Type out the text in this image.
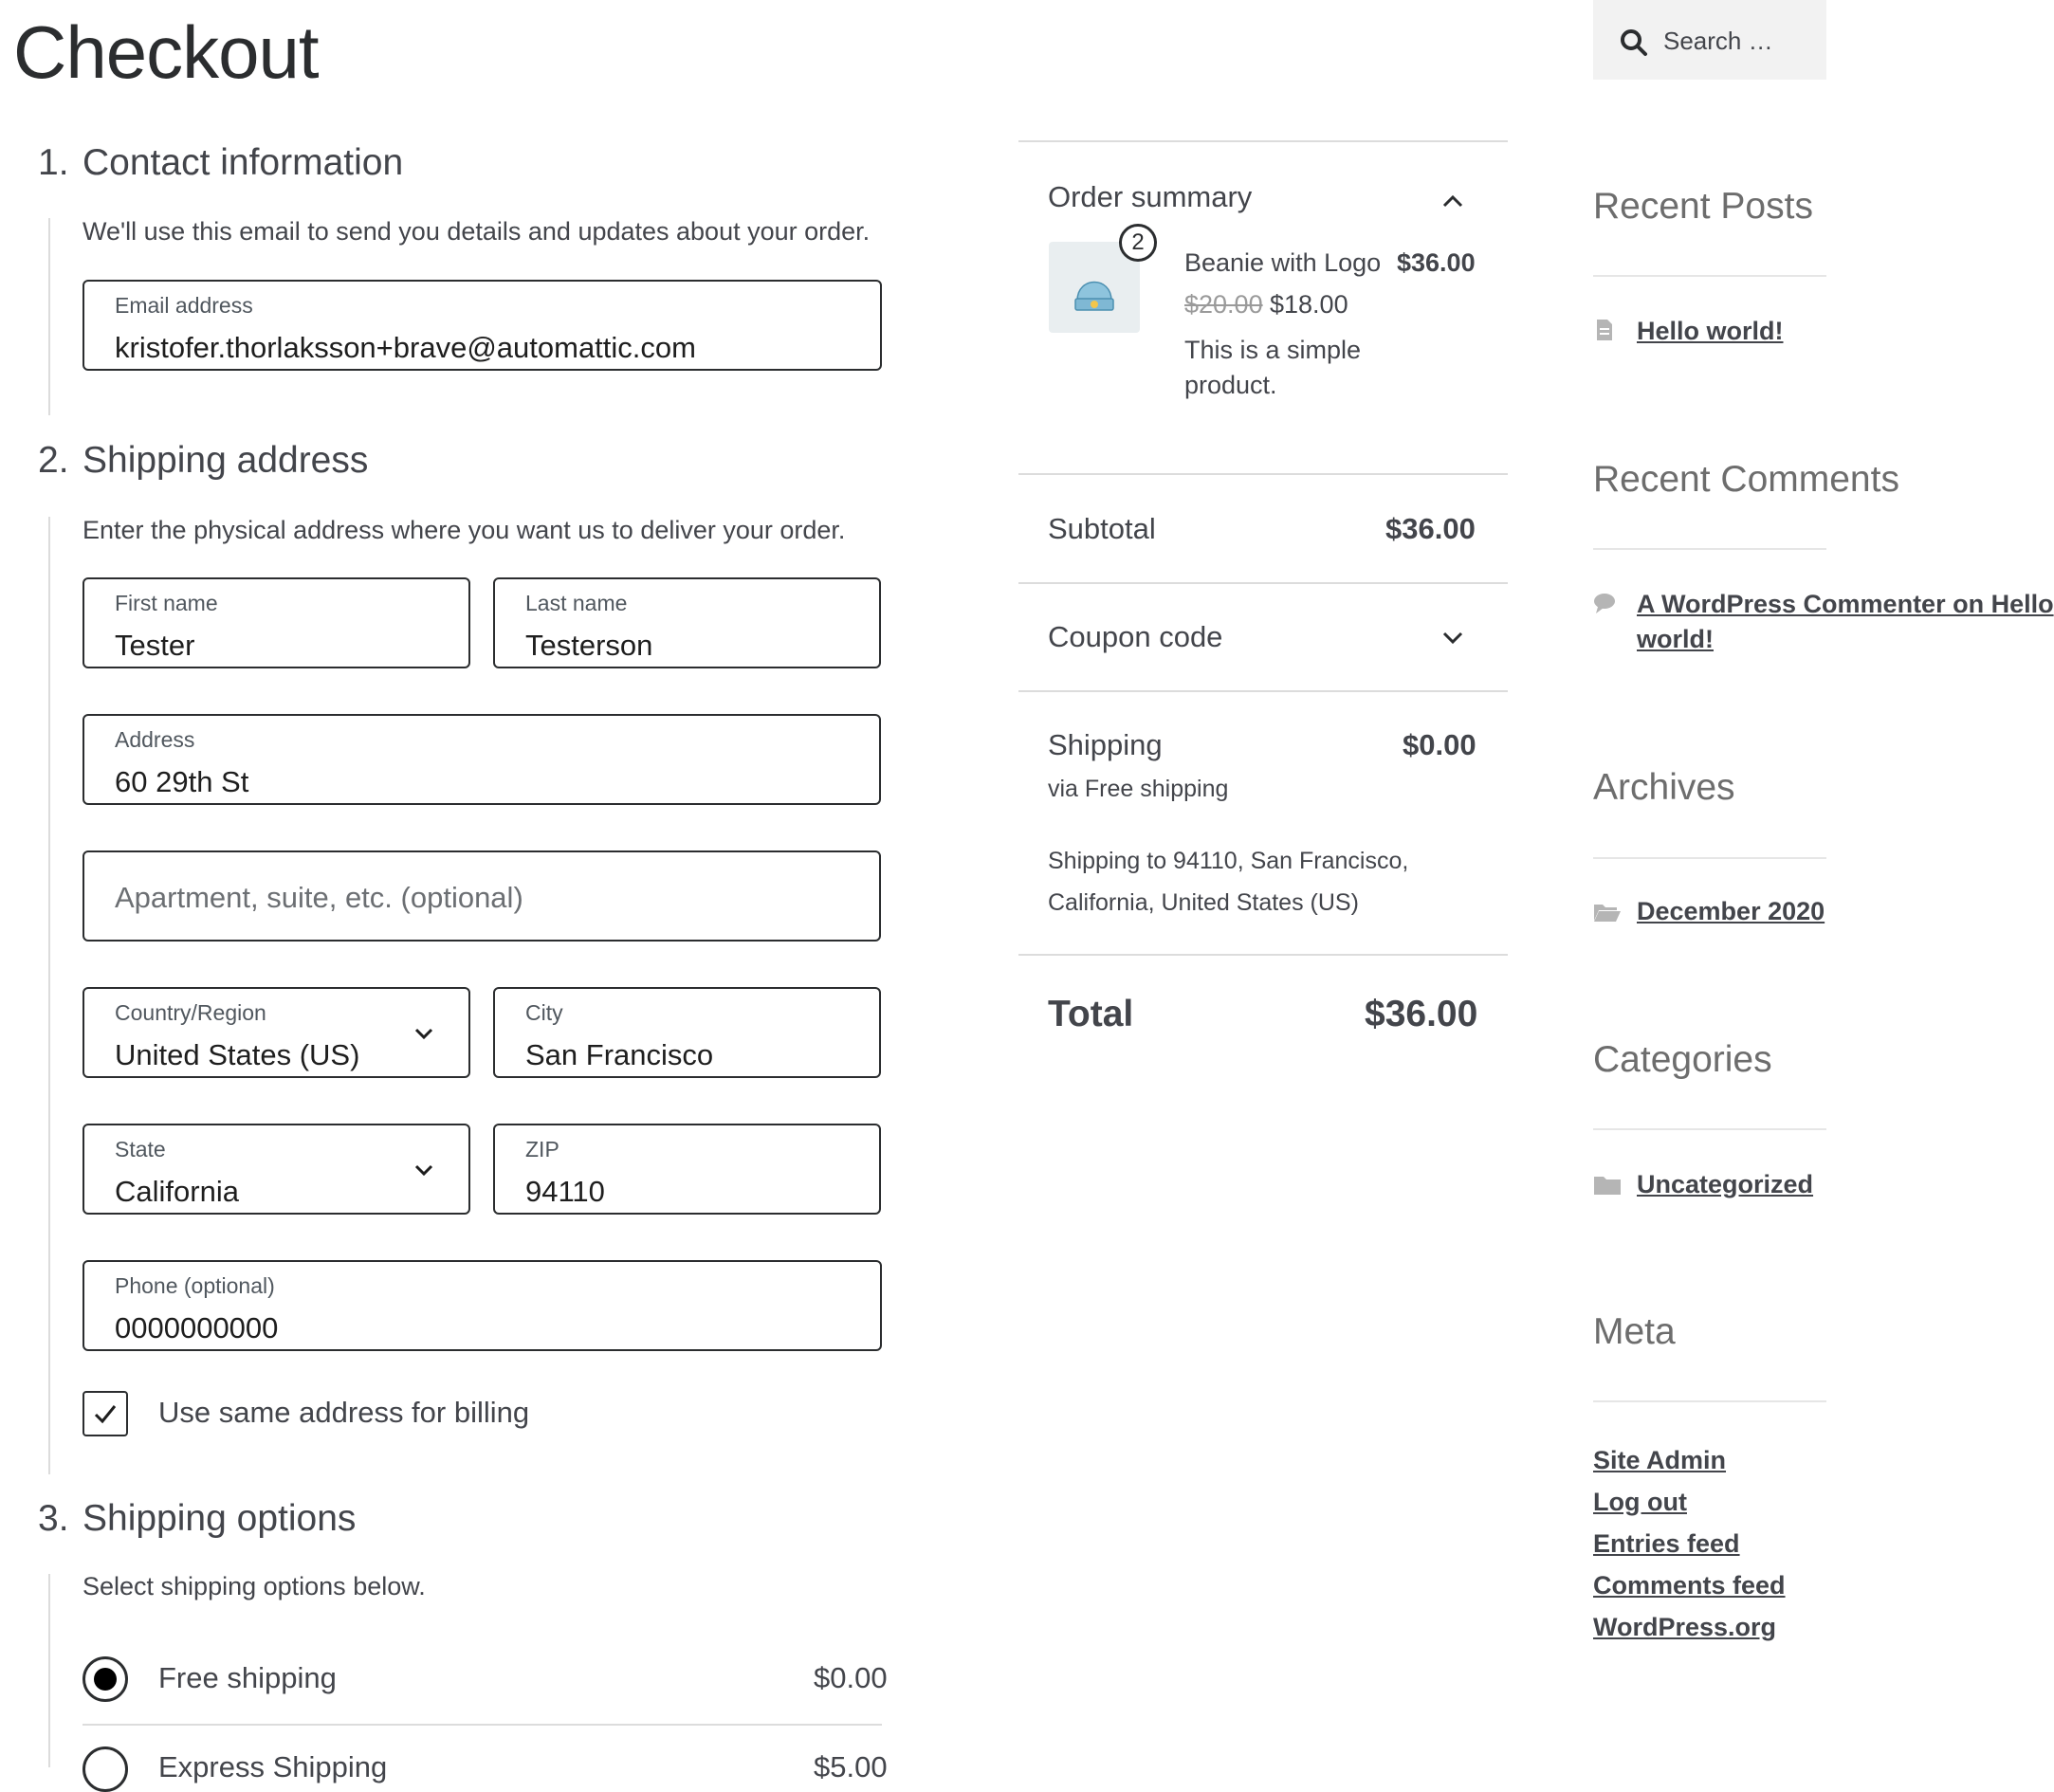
Checkout
1. Contact information
We'll use this email to send you details and updates about your order.
Email address
kristofer.thorlaksson+brave@automattic.com
2. Shipping address
Enter the physical address where you want us to deliver your order.
First name
Tester
Last name
Testerson
Address
60 29th St
Apartment, suite, etc. (optional)
Country/Region
United States (US)
City
San Francisco
State
California
ZIP
94110
Phone (optional)
0000000000
Use same address for billing
3. Shipping options
Select shipping options below.
Free shipping	$0.00
Express Shipping	$5.00
Order summary
2
Beanie with Logo $36.00
$20.00 $18.00
This is a simple
product.
Subtotal	$36.00
Coupon code
Shipping	$0.00
via Free shipping
Shipping to 94110, San Francisco,
California, United States (US)
Total	$36.00
Search …
Recent Posts
Hello world!
Recent Comments
A WordPress Commenter on Hello
world!
Archives
December 2020
Categories
Uncategorized
Meta
Site Admin
Log out
Entries feed
Comments feed
WordPress.org
